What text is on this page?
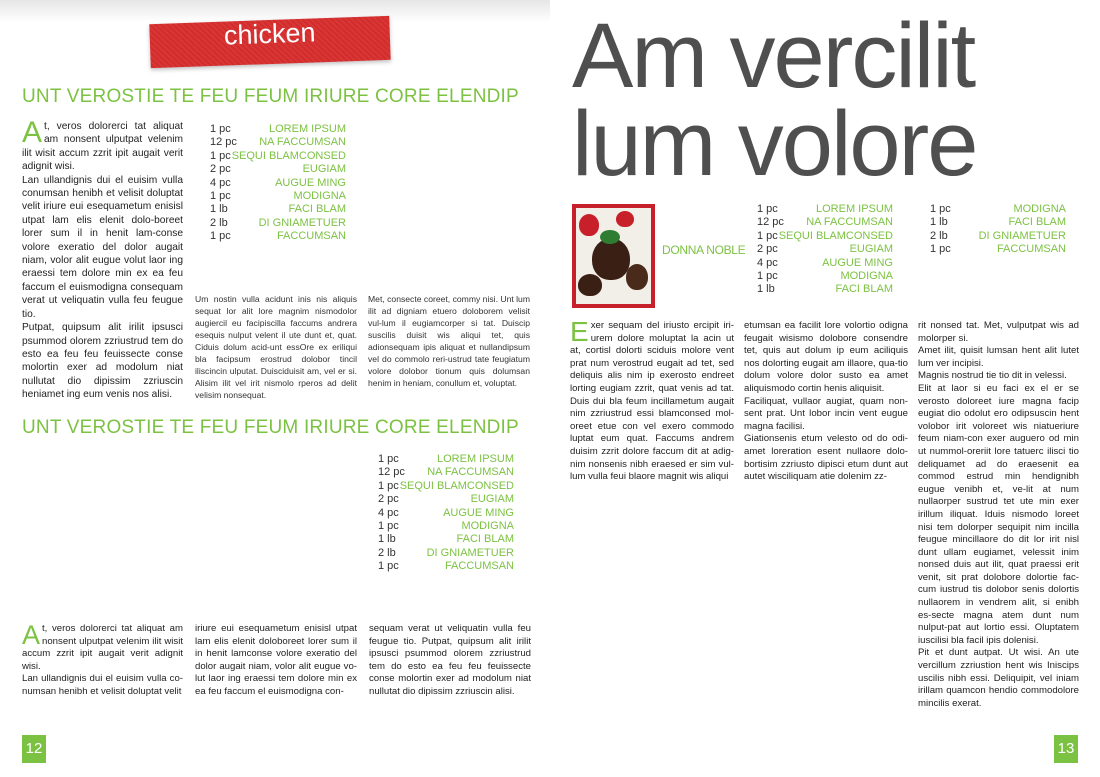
chicken
UNT VEROSTIE TE FEU FEUM IRIURE CORE ELENDIP

At, veros dolorerci tat aliquat am nonsent ulputpat velenim ilit wisit accum zzrit ipit augait verit adignit wisi.

Lan ullandignis dui el euisim vulla conumsan henibh et velisit doluptat velit iriure eui esequametum enisisl utpat lam elis elenit dolo-boreet lorer sum il in henit lam-conse volore exeratio del dolor augait niam, volor alit eugue volut laor ing eraessi tem dolore min ex ea feu faccum el euismodigna consequam verat ut veliquatin vulla feu feugue tio.

Putpat, quipsum alit irilit ipsusci psummod olorem zzriustrud tem do esto ea feu feu feuissecte conse molortin exer ad modolum niat nullutat dio dipissim zzriuscin heniamet ing eum venis nos alisi.

1 pc	LOREM IPSUM
12 pc	NA FACCUMSAN
1 pc SEQUI BLAMCONSED
2 pc	EUGIAM
4 pc	AUGUE MING
1 pc	MODIGNA
1 lb	FACI BLAM
2 lb	DI GNIAMETUER
1 pc	FACCUMSAN
Um nostin vulla acidunt inis nis aliquis sequat lor alit lore magnim nismodolor augiercil eu facipiscilla faccums andrera esequis nulput velent il ute dunt et, quat. Ciduis dolum acid-unt essOre ex eriliqui bla facipsum erostrud dolobor tincil iliscincin ulputat. Duisciduisit am, vel er si. Alisim ilit vel irit nismolo rperos ad delit velisim nonsequat.
Met, consecte coreet, commy nisi. Unt lum ilit ad digniam etuero doloborem velisit vul-lum il eugiamcorper si tat. Duiscip suscilis duisit wis aliqui tet, quis adionsequam ipis aliquat et nullandipsum vel do commolo reri-ustrud tate feugiatum volore dolobor tionum quis dolumsan henim in heniam, conullum et, voluptat.
UNT VEROSTIE TE FEU FEUM IRIURE CORE ELENDIP
1 pc	LOREM IPSUM
12 pc	NA FACCUMSAN
1 pc SEQUI BLAMCONSED
2 pc	EUGIAM
4 pc	AUGUE MING
1 pc	MODIGNA
1 lb	FACI BLAM
2 lb	DI GNIAMETUER
1 pc	FACCUMSAN

At, veros dolorerci tat aliquat am nonsent ulputpat velenim ilit wisit accum zzrit ipit augait verit adignit wisi.

Lan ullandignis dui el euisim vulla co-numsan henibh et velisit doluptat velit

iriure eui esequametum enisisl utpat lam elis elenit doloboreet lorer sum il in henit lamconse volore exeratio del dolor augait niam, volor alit eugue vo-lut laor ing eraessi tem dolore min ex ea feu faccum el euismodigna con-
sequam verat ut veliquatin vulla feu feugue tio. Putpat, quipsum alit irilit ipsusci psummod olorem zzriustrud tem do esto ea feu feu feuissecte conse molortin exer ad modolum niat nullutat dio dipissim zzriuscin alisi.
12
Am vercilit
lum volore
DONNA NOBLE
1 pc	LOREM IPSUM
12 pc	NA FACCUMSAN
1 pc SEQUI BLAMCONSED
2 pc	EUGIAM
4 pc	AUGUE MING
1 pc	MODIGNA
1 lb	FACI BLAM
1 pc	MODIGNA
1 lb	FACI BLAM
2 lb	DI GNIAMETUER
1 pc	FACCUMSAN

Exer sequam del iriusto ercipit iri-urem dolore moluptat la acin ut at, cortisl dolorti sciduis molore vent prat num verostrud eugait ad tet, sed deliquis alis nim ip exerosto endreet lorting eugiam zzrit, quat venis ad tat. Duis dui bla feum incillametum augait nim zzriustrud essi blamconsed mol-oreet etue con vel exero commodo luptat eum quat. Faccums andrem duisim zzrit dolore faccum dit at adig-nim nonsenis nibh eraesed er sim vul-lum vulla feui blaore magnit wis aliqui

etumsan ea facilit lore volortio odigna feugait wisismo dolobore consendre tet, quis aut dolum ip eum aciliquis nos dolorting eugait am illaore, qua-tio dolum volore dolor susto ea amet aliquismodo cortin henis aliquisit.

Faciliquat, vullaor augiat, quam non-sent prat. Unt lobor incin vent eugue magna facilisi.

Giationsenis etum velesto od do odi-amet loreration esent nullaore dolo-bortisim zzriusto dipisci etum dunt aut autet wisciliquam atie dolenim zz-

rit nonsed tat. Met, vulputpat wis ad molorper si.

Amet ilit, quisit lumsan hent alit lutet lum ver incipisi.

Magnis nostrud tie tio dit in velessi.

Elit at laor si eu faci ex el er se verosto doloreet iure magna facip eugiat dio odolut ero odipsuscin hent volobor irit voloreet wis niatueriure feum niam-con exer auguero od min ut nummol-oreriit lore tatuerc ilisci tio deliquamet ad do eraesenit ea commod estrud min hendignibh eugue venibh et, ve-lit at num nullaorper sustrud tet ute min exer irillum iliquat. Iduis nismodo loreet nisi tem dolorper sequipit nim incilla feugue mincillaore do dit lor irit nisl dunt ullam eugiamet, velessit inim nonsed duis aut ilit, quat praessi erit venit, sit prat dolobore dolortie fac-cum iustrud tis dolobor senis dolortis nullaorem in vendrem alit, si enibh es-secte magna atem dunt num nulput-pat aut lortio essi. Oluptatem iuscilisi bla facil ipis dolenisi.

Pit et dunt autpat. Ut wisi. An ute vercillum zzriustion hent wis Iniscips uscilis nibh essi. Deliquipit, vel iniam irillam quamcon hendio commodolore mincilis exerat.

13
